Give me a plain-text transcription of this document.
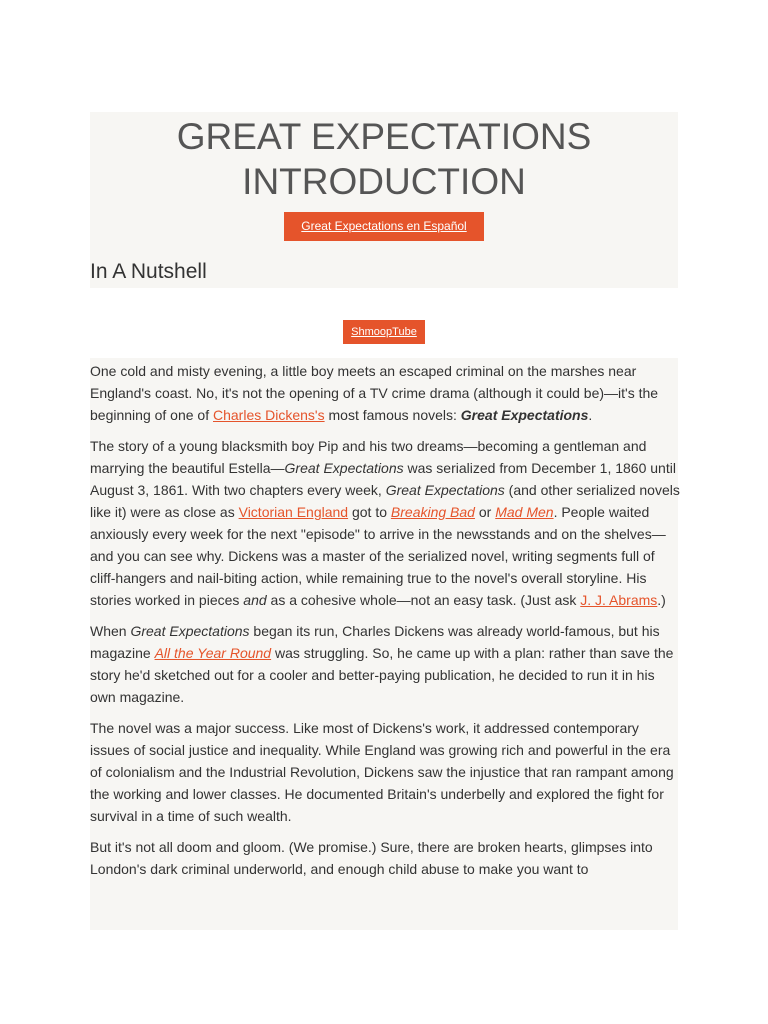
GREAT EXPECTATIONS
INTRODUCTION
Great Expectations en Español
In A Nutshell
ShmoopTube

One cold and misty evening, a little boy meets an escaped criminal on the marshes near England's coast. No, it's not the opening of a TV crime drama (although it could be)—it's the beginning of one of Charles Dickens's most famous novels: Great Expectations.

The story of a young blacksmith boy Pip and his two dreams—becoming a gentleman and marrying the beautiful Estella—Great Expectations was serialized from December 1, 1860 until August 3, 1861. With two chapters every week, Great Expectations (and other serialized novels like it) were as close as Victorian England got to Breaking Bad or Mad Men. People waited anxiously every week for the next "episode" to arrive in the newsstands and on the shelves—and you can see why. Dickens was a master of the serialized novel, writing segments full of cliff-hangers and nail-biting action, while remaining true to the novel's overall storyline. His stories worked in pieces and as a cohesive whole—not an easy task. (Just ask J. J. Abrams.)

When Great Expectations began its run, Charles Dickens was already world-famous, but his magazine All the Year Round was struggling. So, he came up with a plan: rather than save the story he'd sketched out for a cooler and better-paying publication, he decided to run it in his own magazine.

The novel was a major success. Like most of Dickens's work, it addressed contemporary issues of social justice and inequality. While England was growing rich and powerful in the era of colonialism and the Industrial Revolution, Dickens saw the injustice that ran rampant among the working and lower classes. He documented Britain's underbelly and explored the fight for survival in a time of such wealth.

But it's not all doom and gloom. (We promise.) Sure, there are broken hearts, glimpses into London's dark criminal underworld, and enough child abuse to make you want to
